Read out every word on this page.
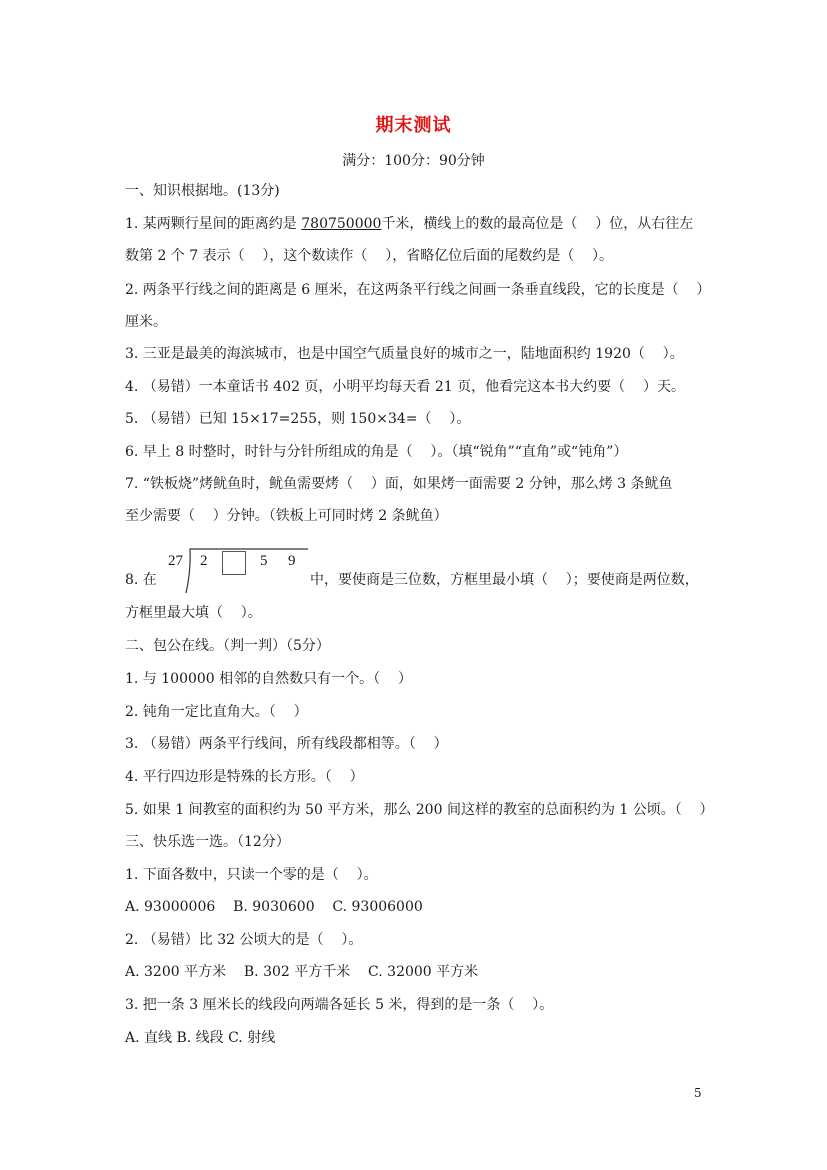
期末测试
满分：100分：90分钟
一、知识根据地。(13分)
1. 某两颗行星间的距离约是 780750000千米，横线上的数的最高位是（    ）位，从右往左
数第 2 个 7 表示（    ），这个数读作（    ），省略亿位后面的尾数约是（    ）。
2. 两条平行线之间的距离是 6 厘米，在这两条平行线之间画一条垂直线段，它的长度是（    ）
厘米。
3. 三亚是最美的海滨城市，也是中国空气质量良好的城市之一，陆地面积约 1920（    ）。
4. （易错）一本童话书 402 页，小明平均每天看 21 页，他看完这本书大约要（    ）天。
5. （易错）已知 15×17=255，则 150×34=（    ）。
6. 早上 8 时整时，时针与分针所组成的角是（    ）。（填“锐角”“直角”或“钝角”）
7. “铁板烧”烤鱿鱼时，鱿鱼需要烤（    ）面，如果烤一面需要 2 分钟，那么烤 3 条鱿鱼
至少需要（    ）分钟。（铁板上可同时烤 2 条鱿鱼）
8. 在
27 2	5 9
中，要使商是三位数，方框里最小填（    ）；要使商是两位数，
方框里最大填（    ）。
二、包公在线。（判一判）（5分）
1. 与 100000 相邻的自然数只有一个。（    ）
2. 钝角一定比直角大。（    ）
3. （易错）两条平行线间，所有线段都相等。（    ）
4. 平行四边形是特殊的长方形。（    ）
5. 如果 1 间教室的面积约为 50 平方米，那么 200 间这样的教室的总面积约为 1 公顷。（    ）
三、快乐选一选。（12分）
1. 下面各数中，只读一个零的是（    ）。
A. 93000006    B. 9030600    C. 93006000
2. （易错）比 32 公顷大的是（    ）。
A. 3200 平方米    B. 302 平方千米    C. 32000 平方米
3. 把一条 3 厘米长的线段向两端各延长 5 米，得到的是一条（    ）。
A. 直线 B. 线段 C. 射线
5
